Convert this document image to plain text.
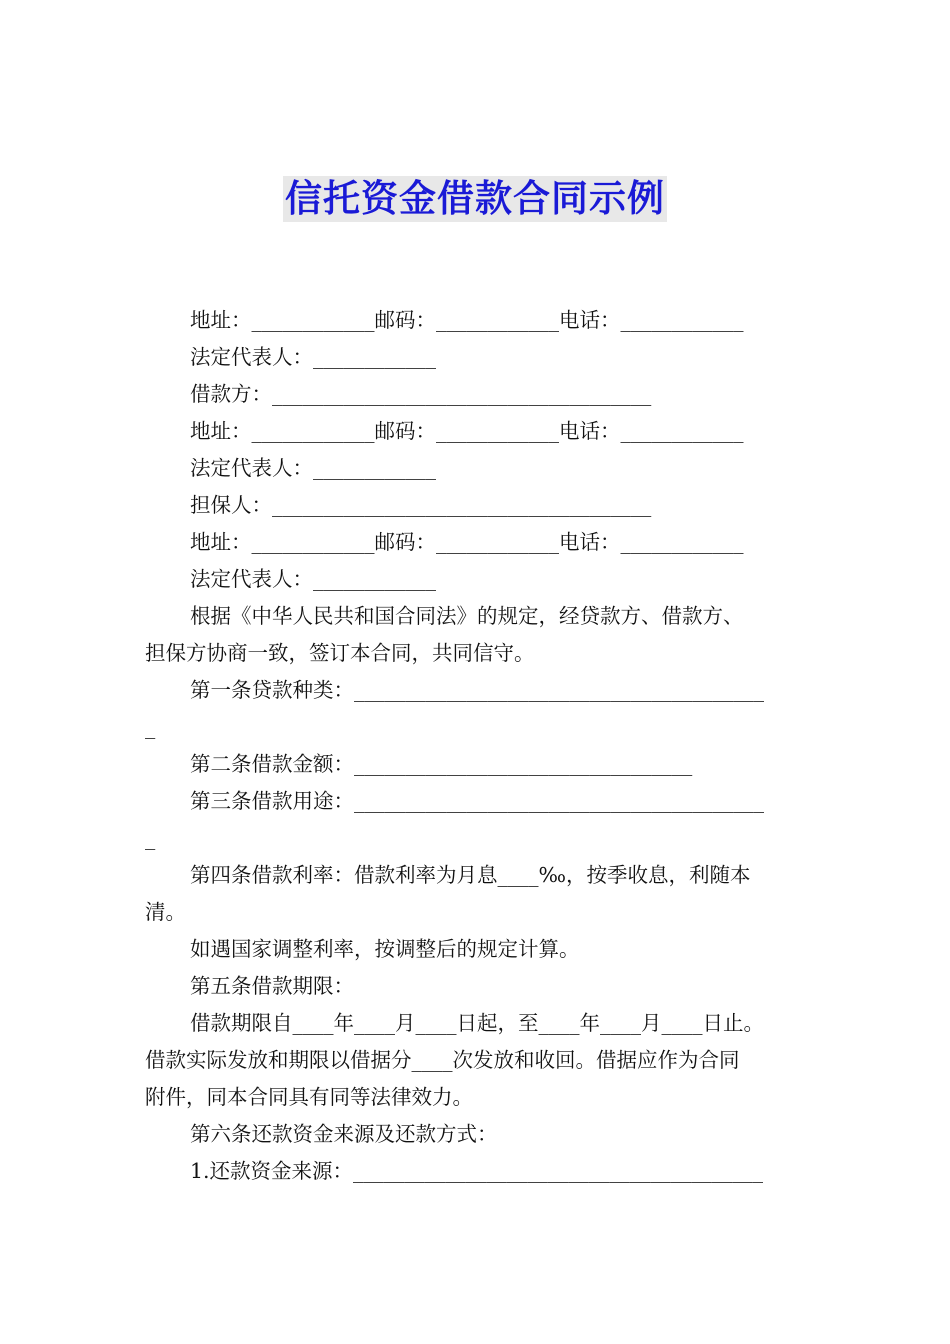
信托资金借款合同示例
地址：____________邮码：____________电话：____________
法定代表人：____________
借款方：_____________________________________
地址：____________邮码：____________电话：____________
法定代表人：____________
担保人：_____________________________________
地址：____________邮码：____________电话：____________
法定代表人：____________
根据《中华人民共和国合同法》的规定，经贷款方、借款方、
担保方协商一致，签订本合同，共同信守。
第一条贷款种类：________________________________________
_
第二条借款金额：_________________________________
第三条借款用途：________________________________________
_
第四条借款利率：借款利率为月息____‰，按季收息，利随本
清。
如遇国家调整利率，按调整后的规定计算。
第五条借款期限：
借款期限自____年____月____日起，至____年____月____日止。
借款实际发放和期限以借据分____次发放和收回。借据应作为合同
附件，同本合同具有同等法律效力。
第六条还款资金来源及还款方式：
1.还款资金来源：________________________________________
